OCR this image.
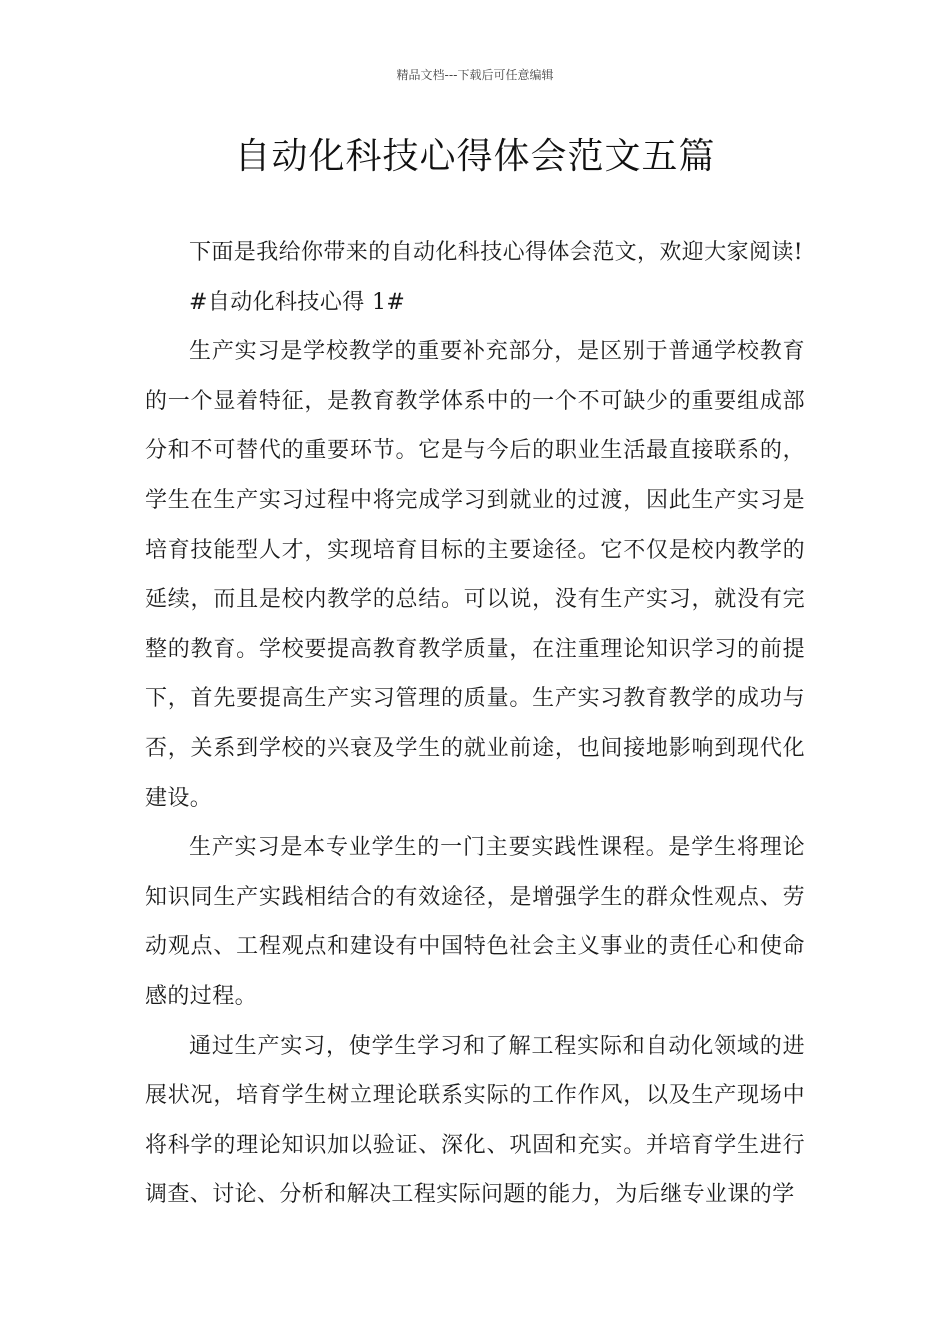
精品文档---下载后可任意编辑
自动化科技心得体会范文五篇

下面是我给你带来的自动化科技心得体会范文，欢迎大家阅读!

#自动化科技心得 1#

生产实习是学校教学的重要补充部分，是区别于普通学校教育的一个显着特征，是教育教学体系中的一个不可缺少的重要组成部分和不可替代的重要环节。它是与今后的职业生活最直接联系的，学生在生产实习过程中将完成学习到就业的过渡，因此生产实习是培育技能型人才，实现培育目标的主要途径。它不仅是校内教学的延续，而且是校内教学的总结。可以说，没有生产实习，就没有完整的教育。学校要提高教育教学质量，在注重理论知识学习的前提下，首先要提高生产实习管理的质量。生产实习教育教学的成功与否，关系到学校的兴衰及学生的就业前途，也间接地影响到现代化建设。

生产实习是本专业学生的一门主要实践性课程。是学生将理论知识同生产实践相结合的有效途径，是增强学生的群众性观点、劳动观点、工程观点和建设有中国特色社会主义事业的责任心和使命感的过程。

通过生产实习，使学生学习和了解工程实际和自动化领域的进展状况，培育学生树立理论联系实际的工作作风，以及生产现场中将科学的理论知识加以验证、深化、巩固和充实。并培育学生进行调查、讨论、分析和解决工程实际问题的能力，为后继专业课的学
